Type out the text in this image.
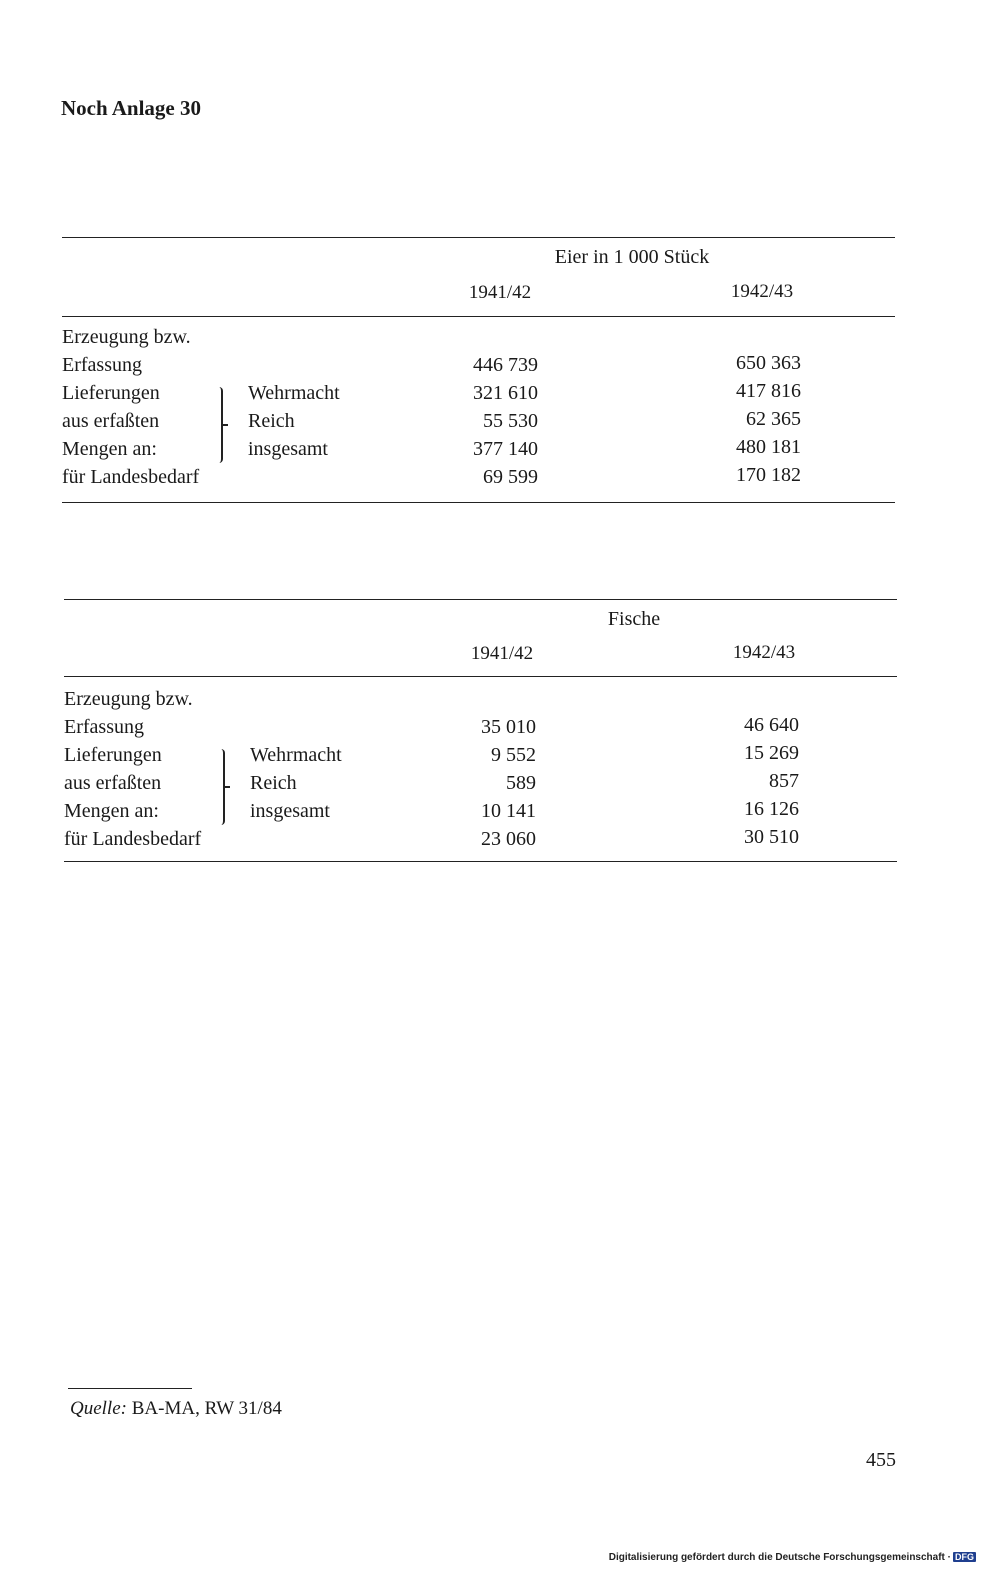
Noch Anlage 30
Eier in 1 000 Stück
1941/42	1942/43
Erzeugung bzw.
Erfassung
Lieferungen
aus erfaßten
Mengen an:
für Landesbedarf
Wehrmacht
Reich
insgesamt
446 739
321 610
55 530
377 140
69 599
650 363
417 816
62 365
480 181
170 182
Fische
1941/42	1942/43
Erzeugung bzw.
Erfassung
Lieferungen
aus erfaßten
Mengen an:
für Landesbedarf
Wehrmacht
Reich
insgesamt
35 010
9 552
589
10 141
23 060
46 640
15 269
857
16 126
30 510
Quelle: BA-MA, RW 31/84
455
Digitalisierung gefördert durch die Deutsche Forschungsgemeinschaft · DFG
